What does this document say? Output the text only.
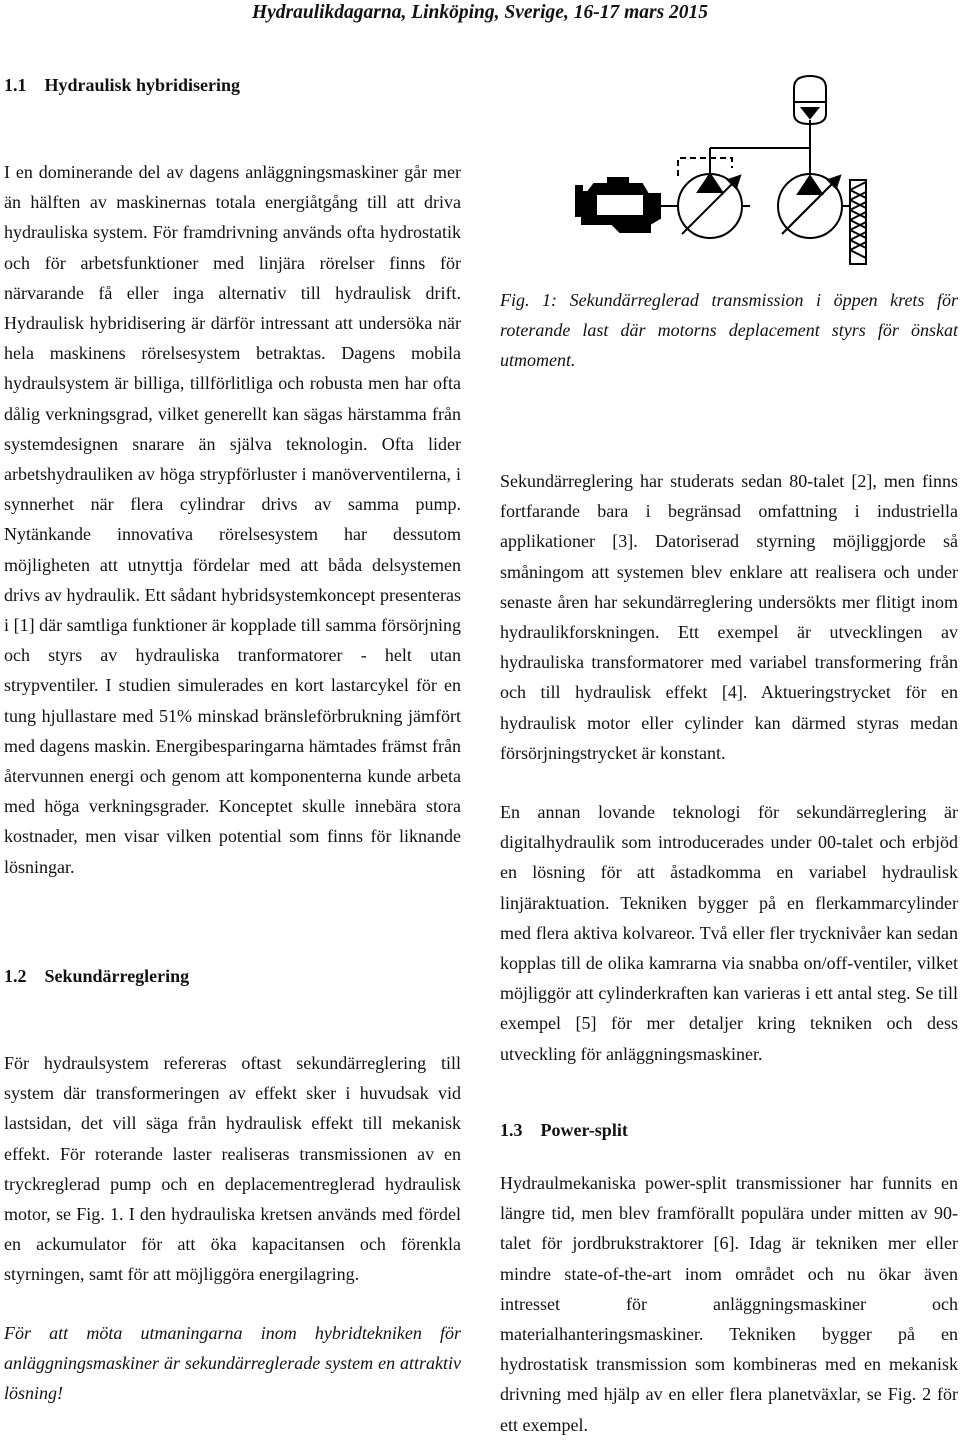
Hydraulikdagarna, Linköping, Sverige, 16-17 mars 2015
1.1 Hydraulisk hybridisering

I en dominerande del av dagens anläggningsmaskiner går mer än hälften av maskinernas totala energiåtgång till att driva hydrauliska system. För framdrivning används ofta hydrostatik och för arbetsfunktioner med linjära rörelser finns för närvarande få eller inga alternativ till hydraulisk drift. Hydraulisk hybridisering är därför intressant att undersöka när hela maskinens rörelsesystem betraktas. Dagens mobila hydraulsystem är billiga, tillförlitliga och robusta men har ofta dålig verkningsgrad, vilket generellt kan sägas härstamma från systemdesignen snarare än själva teknologin. Ofta lider arbetshydrauliken av höga strypförluster i manöverventilerna, i synnerhet när flera cylindrar drivs av samma pump. Nytänkande innovativa rörelsesystem har dessutom möjligheten att utnyttja fördelar med att båda delsystemen drivs av hydraulik. Ett sådant hybridsystemkoncept presenteras i [1] där samtliga funktioner är kopplade till samma försörjning och styrs av hydrauliska tranformatorer - helt utan strypventiler. I studien simulerades en kort lastarcykel för en tung hjullastare med 51% minskad bränsleförbrukning jämfört med dagens maskin. Energibesparingarna hämtades främst från återvunnen energi och genom att komponenterna kunde arbeta med höga verkningsgrader. Konceptet skulle innebära stora kostnader, men visar vilken potential som finns för liknande lösningar.

1.2 Sekundärreglering

För hydraulsystem refereras oftast sekundärreglering till system där transformeringen av effekt sker i huvudsak vid lastsidan, det vill säga från hydraulisk effekt till mekanisk effekt. För roterande laster realiseras transmissionen av en tryckreglerad pump och en deplacementreglerad hydraulisk motor, se Fig. 1. I den hydrauliska kretsen används med fördel en ackumulator för att öka kapacitansen och förenkla styrningen, samt för att möjliggöra energilagring.

För att möta utmaningarna inom hybridtekniken för anläggningsmaskiner är sekundärreglerade system en attraktiv lösning!

Fig. 1: Sekundärreglerad transmission i öppen krets för roterande last där motorns deplacement styrs för önskat utmoment.

Sekundärreglering har studerats sedan 80-talet [2], men finns fortfarande bara i begränsad omfattning i industriella applikationer [3]. Datoriserad styrning möjliggjorde så småningom att systemen blev enklare att realisera och under senaste åren har sekundärreglering undersökts mer flitigt inom hydraulikforskningen. Ett exempel är utvecklingen av hydrauliska transformatorer med variabel transformering från och till hydraulisk effekt [4]. Aktueringstrycket för en hydraulisk motor eller cylinder kan därmed styras medan försörjningstrycket är konstant.

En annan lovande teknologi för sekundärreglering är digitalhydraulik som introducerades under 00-talet och erbjöd en lösning för att åstadkomma en variabel hydraulisk linjäraktuation. Tekniken bygger på en flerkammarcylinder med flera aktiva kolvareor. Två eller fler trycknivåer kan sedan kopplas till de olika kamrarna via snabba on/off-ventiler, vilket möjliggör att cylinderkraften kan varieras i ett antal steg. Se till exempel [5] för mer detaljer kring tekniken och dess utveckling för anläggningsmaskiner.

1.3 Power-split

Hydraulmekaniska power-split transmissioner har funnits en längre tid, men blev framförallt populära under mitten av 90-talet för jordbrukstraktorer [6]. Idag är tekniken mer eller mindre state-of-the-art inom området och nu ökar även intresset för anläggningsmaskiner och materialhanteringsmaskiner. Tekniken bygger på en hydrostatisk transmission som kombineras med en mekanisk drivning med hjälp av en eller flera planetväxlar, se Fig. 2 för ett exempel.
